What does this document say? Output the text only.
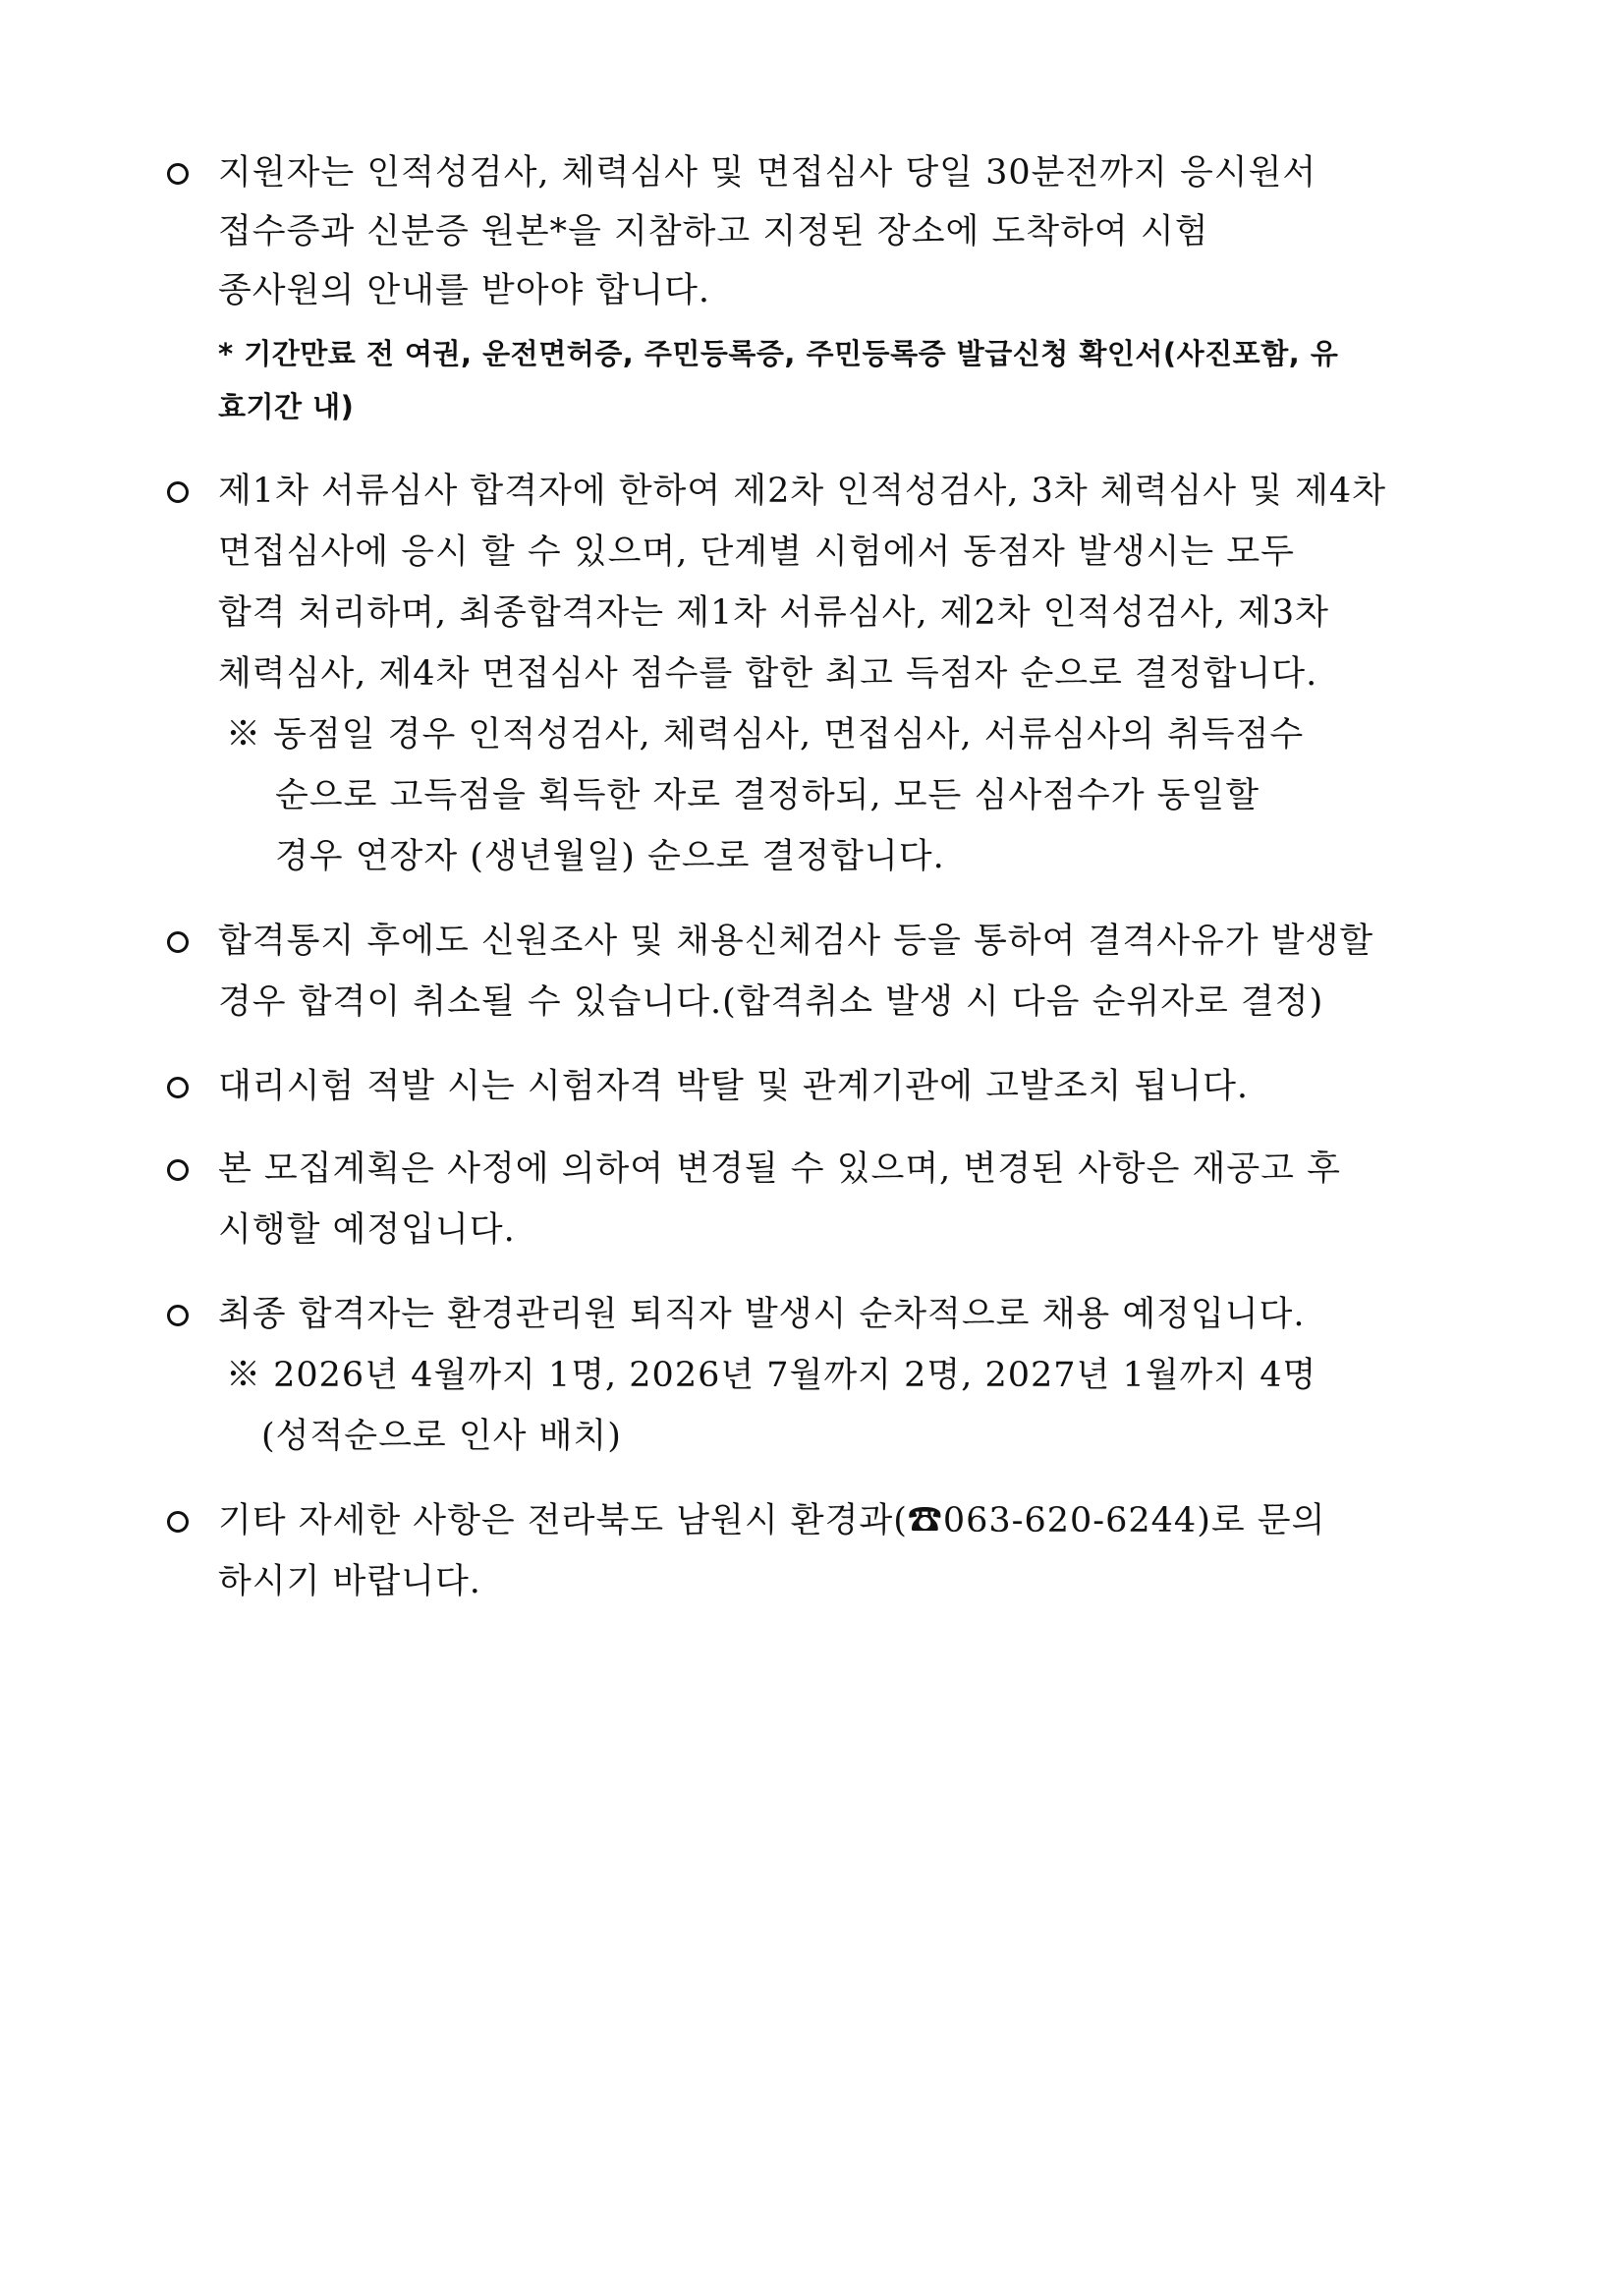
지원자는 인적성검사, 체력심사 및 면접심사 당일 30분전까지 응시원서
접수증과 신분증 원본*을 지참하고 지정된 장소에 도착하여 시험
종사원의 안내를 받아야 합니다.
* 기간만료 전 여권, 운전면허증, 주민등록증, 주민등록증 발급신청 확인서(사진포함, 유
효기간 내)
제1차 서류심사 합격자에 한하여 제2차 인적성검사, 3차 체력심사 및 제4차
면접심사에 응시 할 수 있으며, 단계별 시험에서 동점자 발생시는 모두
합격 처리하며, 최종합격자는 제1차 서류심사, 제2차 인적성검사, 제3차
체력심사, 제4차 면접심사 점수를 합한 최고 득점자 순으로 결정합니다.
※ 동점일 경우 인적성검사, 체력심사, 면접심사, 서류심사의 취득점수
순으로 고득점을 획득한 자로 결정하되, 모든 심사점수가 동일할
경우 연장자 (생년월일) 순으로 결정합니다.
합격통지 후에도 신원조사 및 채용신체검사 등을 통하여 결격사유가 발생할
경우 합격이 취소될 수 있습니다.(합격취소 발생 시 다음 순위자로 결정)
대리시험 적발 시는 시험자격 박탈 및 관계기관에 고발조치 됩니다.
본 모집계획은 사정에 의하여 변경될 수 있으며, 변경된 사항은 재공고 후
시행할 예정입니다.
최종 합격자는 환경관리원 퇴직자 발생시 순차적으로 채용 예정입니다.
※ 2026년 4월까지 1명, 2026년 7월까지 2명, 2027년 1월까지 4명
(성적순으로 인사 배치)
기타 자세한 사항은 전라북도 남원시 환경과(☎063-620-6244)로 문의
하시기 바랍니다.
